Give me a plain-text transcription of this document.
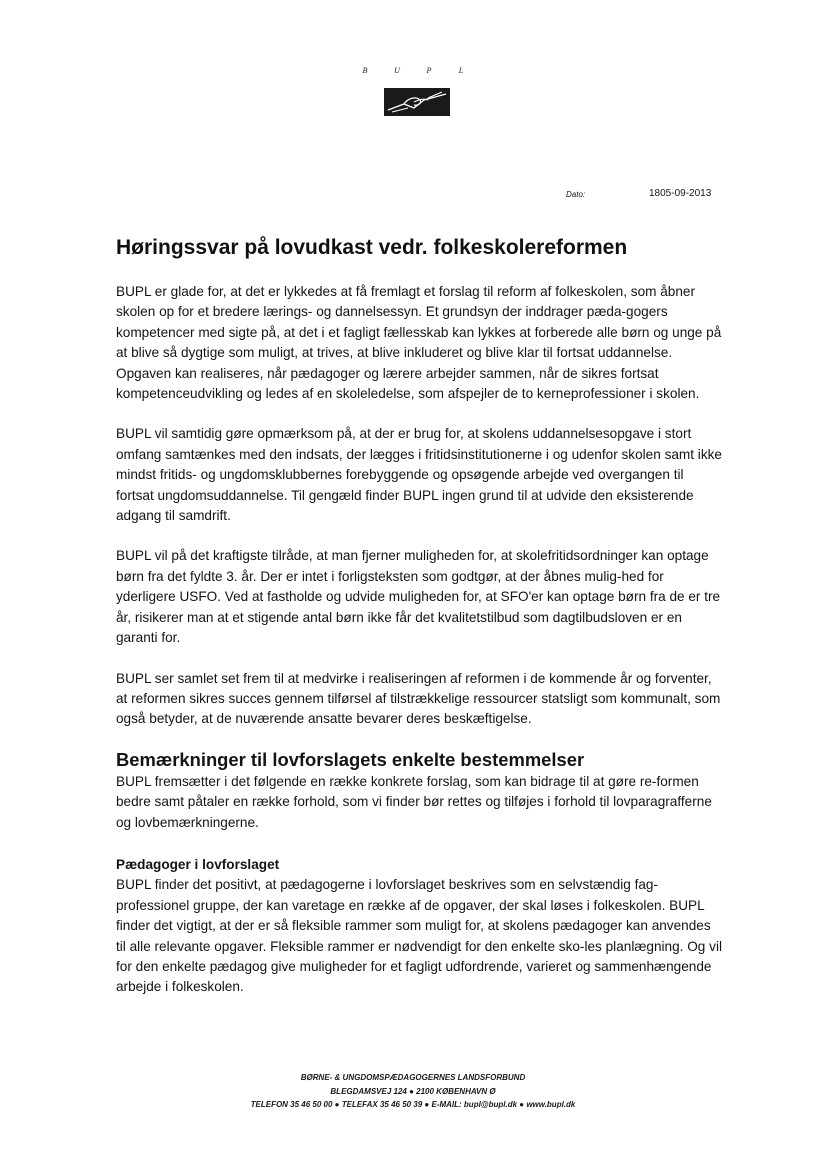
B	U	P	L
Dato:	1805-09-2013
Høringssvar på lovudkast vedr. folkeskolereformen

BUPL er glade for, at det er lykkedes at få fremlagt et forslag til reform af folkeskolen, som åbner skolen op for et bredere lærings- og dannelsessyn. Et grundsyn der inddrager pæda-gogers kompetencer med sigte på, at det i et fagligt fællesskab kan lykkes at forberede alle børn og unge på at blive så dygtige som muligt, at trives, at blive inkluderet og blive klar til fortsat uddannelse.

Opgaven kan realiseres, når pædagoger og lærere arbejder sammen, når de sikres fortsat kompetenceudvikling og ledes af en skoleledelse, som afspejler de to kerneprofessioner i skolen.

BUPL vil samtidig gøre opmærksom på, at der er brug for, at skolens uddannelsesopgave i stort omfang samtænkes med den indsats, der lægges i fritidsinstitutionerne i og udenfor skolen samt ikke mindst fritids- og ungdomsklubbernes forebyggende og opsøgende arbejde ved overgangen til fortsat ungdomsuddannelse. Til gengæld finder BUPL ingen grund til at udvide den eksisterende adgang til samdrift.

BUPL vil på det kraftigste tilråde, at man fjerner muligheden for, at skolefritidsordninger kan optage børn fra det fyldte 3. år. Der er intet i forligsteksten som godtgør, at der åbnes mulig-hed for yderligere USFO. Ved at fastholde og udvide muligheden for, at SFO'er kan optage børn fra de er tre år, risikerer man at et stigende antal børn ikke får det kvalitetstilbud som dagtilbudsloven er en garanti for.

BUPL ser samlet set frem til at medvirke i realiseringen af reformen i de kommende år og forventer, at reformen sikres succes gennem tilførsel af tilstrækkelige ressourcer statsligt som kommunalt, som også betyder, at de nuværende ansatte bevarer deres beskæftigelse.

Bemærkninger til lovforslagets enkelte bestemmelser

BUPL fremsætter i det følgende en række konkrete forslag, som kan bidrage til at gøre re-formen bedre samt påtaler en række forhold, som vi finder bør rettes og tilføjes i forhold til lovparagrafferne og lovbemærkningerne.

Pædagoger i lovforslaget

BUPL finder det positivt, at pædagogerne i lovforslaget beskrives som en selvstændig fag-professionel gruppe, der kan varetage en række af de opgaver, der skal løses i folkeskolen. BUPL finder det vigtigt, at der er så fleksible rammer som muligt for, at skolens pædagoger kan anvendes til alle relevante opgaver. Fleksible rammer er nødvendigt for den enkelte sko-les planlægning. Og vil for den enkelte pædagog give muligheder for et fagligt udfordrende, varieret og sammenhængende arbejde i folkeskolen.

BØRNE- & UNGDOMSPÆDAGOGERNES LANDSFORBUND
BLEGDAMSVEJ 124 ● 2100 KØBENHAVN Ø
TELEFON 35 46 50 00 ● TELEFAX 35 46 50 39 ● E-MAIL: bupl@bupl.dk ● www.bupl.dk
